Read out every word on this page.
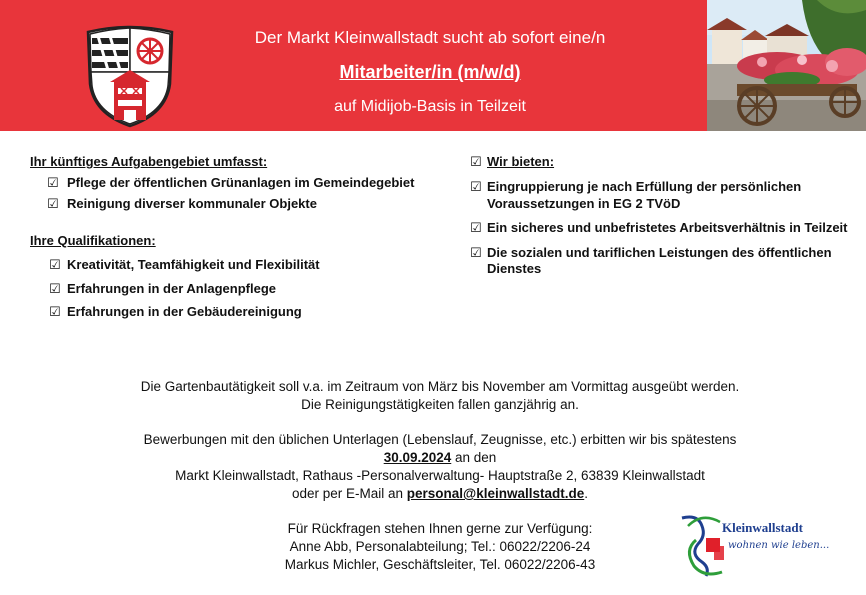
Der Markt Kleinwallstadt sucht ab sofort eine/n
Mitarbeiter/in (m/w/d)
auf Midijob-Basis in Teilzeit
Ihr künftiges Aufgabengebiet umfasst:
☑ Pflege der öffentlichen Grünanlagen im Gemeindegebiet
☑ Reinigung diverser kommunaler Objekte
Ihre Qualifikationen:
☑ Kreativität, Teamfähigkeit und Flexibilität
☑ Erfahrungen in der Anlagenpflege
☑ Erfahrungen in der Gebäudereinigung
☑ Wir bieten:
☑ Eingruppierung je nach Erfüllung der persönlichen Voraussetzungen in EG 2 TVöD
☑ Ein sicheres und unbefristetes Arbeitsverhältnis in Teilzeit
☑ Die sozialen und tariflichen Leistungen des öffentlichen Dienstes
Die Gartenbautätigkeit soll v.a. im Zeitraum von März bis November am Vormittag ausgeübt werden.
Die Reinigungstätigkeiten fallen ganzjährig an.
Bewerbungen mit den üblichen Unterlagen (Lebenslauf, Zeugnisse, etc.) erbitten wir bis spätestens
30.09.2024 an den
Markt Kleinwallstadt, Rathaus -Personalverwaltung- Hauptstraße 2, 63839 Kleinwallstadt
oder per E-Mail an personal@kleinwallstadt.de.
Für Rückfragen stehen Ihnen gerne zur Verfügung:
Anne Abb, Personalabteilung; Tel.: 06022/2206-24
Markus Michler, Geschäftsleiter, Tel. 06022/2206-43
Kleinwallstadt
wohnen wie leben...
